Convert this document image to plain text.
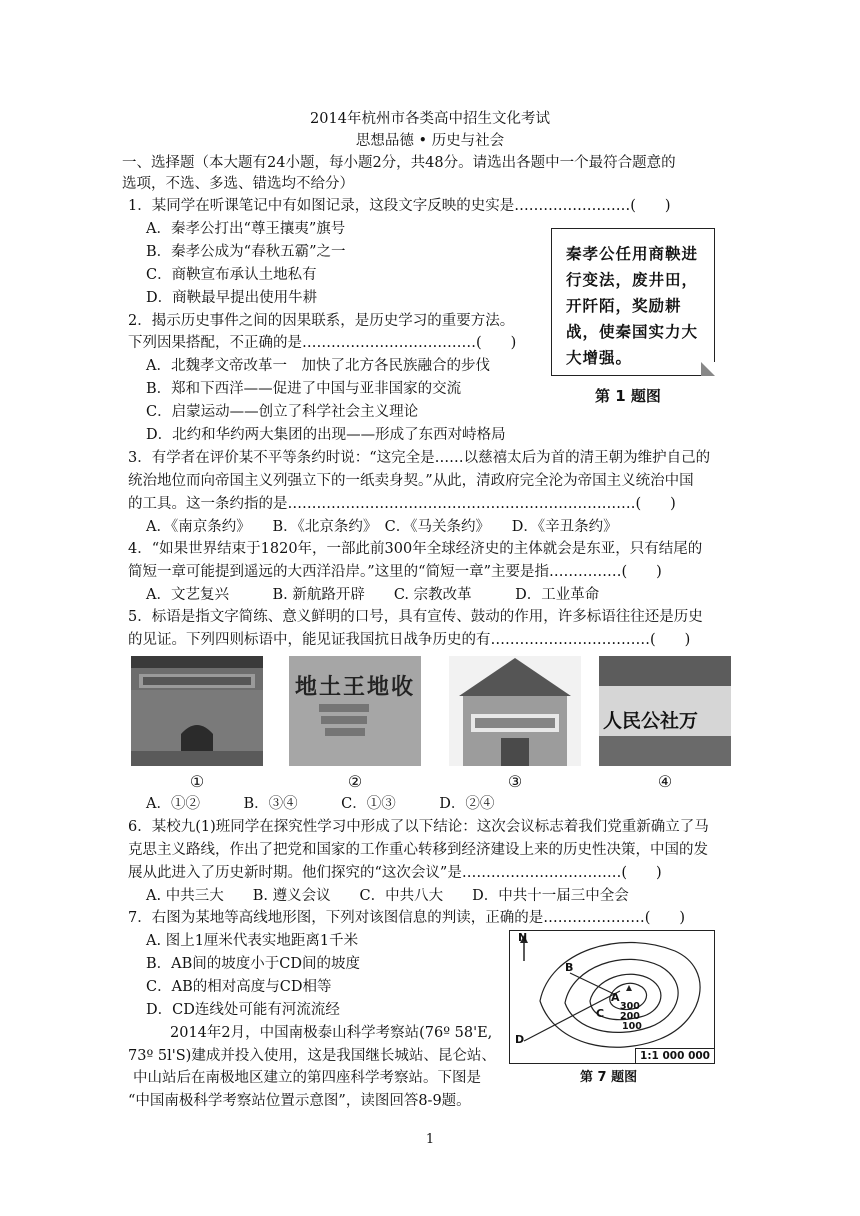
2014年杭州市各类高中招生文化考试
思想品德 • 历史与社会
一、选择题（本大题有24小题，每小题2分，共48分。请选出各题中一个最符合题意的
选项，不选、多选、错选均不给分）
1．某同学在听课笔记中有如图记录，这段文字反映的史实是……………………(　　)
A．秦孝公打出“尊王攘夷”旗号
B．秦孝公成为“春秋五霸”之一
C．商鞅宣布承认土地私有
D．商鞅最早提出使用牛耕
秦孝公任用商鞅进行变法，废井田，开阡陌，奖励耕战，使秦国实力大大增强。
第 1 题图
2．揭示历史事件之间的因果联系，是历史学习的重要方法。
下列因果搭配，不正确的是………………………………(　　)
A．北魏孝文帝改革一　加快了北方各民族融合的步伐
B．郑和下西洋——促进了中国与亚非国家的交流
C．启蒙运动——创立了科学社会主义理论
D．北约和华约两大集团的出现——形成了东西对峙格局
3．有学者在评价某不平等条约时说：“这完全是……以慈禧太后为首的清王朝为维护自己的
统治地位而向帝国主义列强立下的一纸卖身契。”从此，清政府完全沦为帝国主义统治中国
的工具。这一条约指的是………………………………………………………………(　　)
A．《南京条约》　　B．《北京条约》　C．《马关条约》　　D．《辛丑条约》
4．“如果世界结束于1820年，一部此前300年全球经济史的主体就会是东亚，只有结尾的
简短一章可能提到遥远的大西洋沿岸。”这里的“简短一章”主要是指……………(　　)
A．文艺复兴　　　B. 新航路开辟　　C. 宗教改革　　　D．工业革命
5．标语是指文字简练、意义鲜明的口号，具有宣传、鼓动的作用，许多标语往往还是历史
的见证。下列四则标语中，能见证我国抗日战争历史的有……………………………(　　)
地土王地收
人民公社万
①	②	③	④
A．①②　　　B．③④　　　C．①③　　　D．②④
6．某校九(1)班同学在探究性学习中形成了以下结论：这次会议标志着我们党重新确立了马
克思主义路线，作出了把党和国家的工作重心转移到经济建设上来的历史性决策，中国的发
展从此进入了历史新时期。他们探究的“这次会议”是……………………………(　　)
A. 中共三大　　B. 遵义会议　　C．中共八大　　D．中共十一届三中全会
7．右图为某地等高线地形图，下列对该图信息的判读，正确的是…………………(　　)
A. 图上1厘米代表实地距离1千米
B．AB间的坡度小于CD间的坡度
C．AB的相对高度与CD相等
D．CD连线处可能有河流流经
N
B
A
C
D
300
200
100
1:1 000 000
第 7 题图
2014年2月，中国南极泰山科学考察站(76º 58'E,
73º 5l'S)建成并投入使用，这是我国继长城站、昆仑站、
中山站后在南极地区建立的第四座科学考察站。下图是
“中国南极科学考察站位置示意图”，读图回答8-9题。
1
